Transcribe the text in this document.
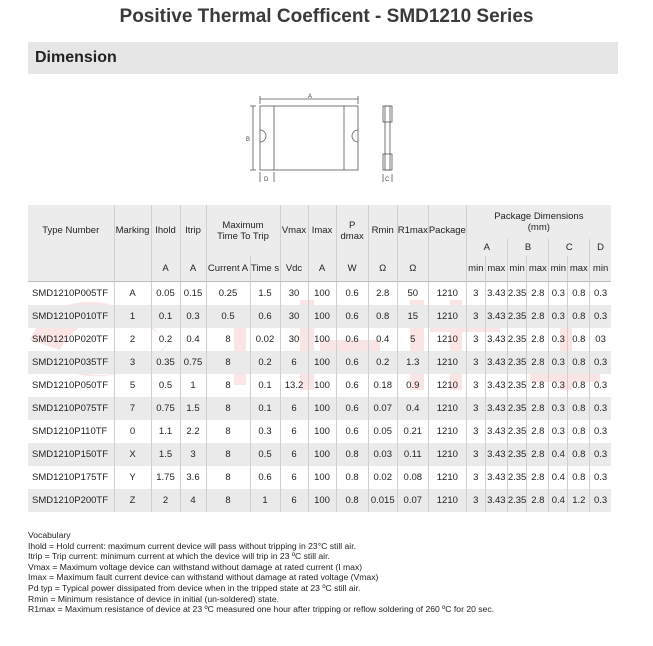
Positive Thermal Coefficent - SMD1210 Series
Dimension
A
B
D	C
Type Number	Marking	Ihold	Itrip	Maximum Time To Trip		Vmax	Imax	P dmax	Rmin	R1max	Package	Package Dimensions (mm)						
												A		B		C		D
		A	A	Current A	Time s	Vdc	A	W	Ω	Ω		min	max	min	max	min	max	min
SMD1210P005TF	A	0.05	0.15	0.25	1.5	30	100	0.6	2.8	50	1210	3	3.43	2.35	2.8	0.3	0.8	0.3
SMD1210P010TF	1	0.1	0.3	0.5	0.6	30	100	0.6	0.8	15	1210	3	3.43	2.35	2.8	0.3	0.8	0.3
SMD1210P020TF	2	0.2	0.4	8	0.02	30	100	0.6	0.4	5	1210	3	3.43	2.35	2.8	0.3	0.8	03
SMD1210P035TF	3	0.35	0.75	8	0.2	6	100	0.6	0.2	1.3	1210	3	3.43	2.35	2.8	0.3	0.8	0.3
SMD1210P050TF	5	0.5	1	8	0.1	13.2	100	0.6	0.18	0.9	1210	3	3.43	2.35	2.8	0.3	0.8	0.3
SMD1210P075TF	7	0.75	1.5	8	0.1	6	100	0.6	0.07	0.4	1210	3	3.43	2.35	2.8	0.3	0.8	0.3
SMD1210P110TF	0	1.1	2.2	8	0.3	6	100	0.6	0.05	0.21	1210	3	3.43	2.35	2.8	0.3	0.8	0.3
SMD1210P150TF	X	1.5	3	8	0.5	6	100	0.8	0.03	0.11	1210	3	3.43	2.35	2.8	0.4	0.8	0.3
SMD1210P175TF	Y	1.75	3.6	8	0.6	6	100	0.8	0.02	0.08	1210	3	3.43	2.35	2.8	0.4	0.8	0.3
SMD1210P200TF	Z	2	4	8	1	6	100	0.8	0.015	0.07	1210	3	3.43	2.35	2.8	0.4	1.2	0.3
Vocabulary
Ihold = Hold current: maximum current device will pass without tripping in 23°C still air.
Itrip = Trip current: minimum current at which the device will trip in 23 ºC still air.
Vmax = Maximum voltage device can withstand without damage at rated current (I max)
Imax = Maximum fault current device can withstand without damage at rated voltage (Vmax)
Pd typ = Typical power dissipated from device when in the tripped state at 23 ºC still air.
Rmin = Minimum resistance of device in initial (un-soldered) state.
R1max = Maximum resistance of device at 23 ºC measured one hour after tripping or reflow soldering of 260 ºC for 20 sec.
